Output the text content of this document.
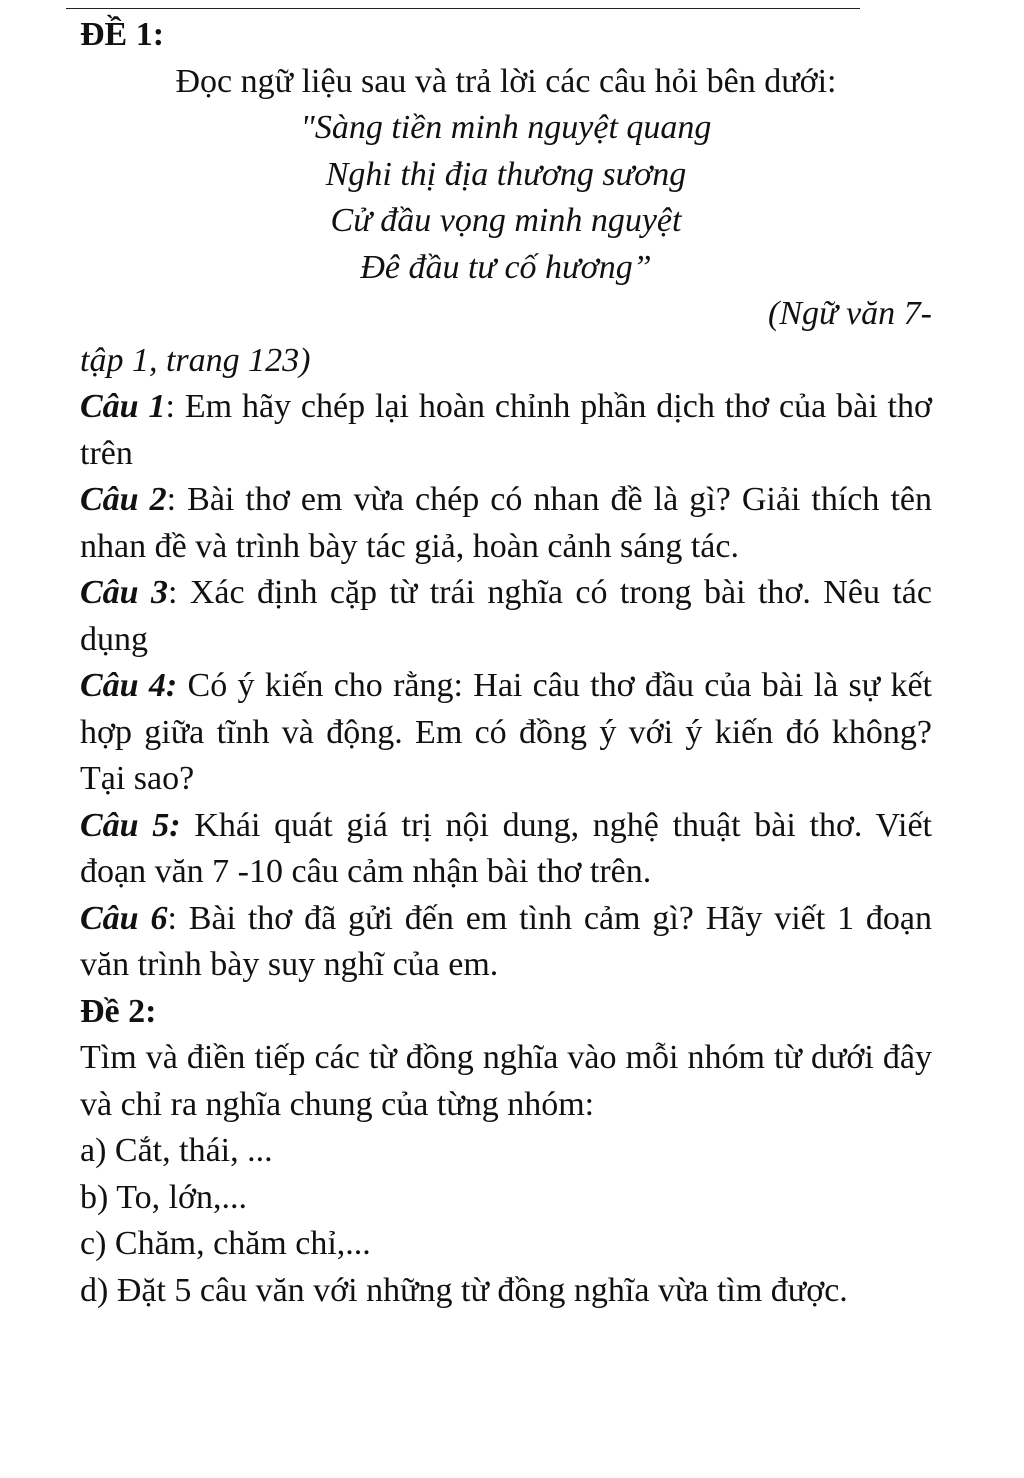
ĐỀ 1:

Đọc ngữ liệu sau và trả lời các câu hỏi bên dưới:

"Sàng tiền minh nguyệt quang

Nghi thị địa thương sương

Cử đầu vọng minh nguyệt

Đê đầu tư cố hương”

(Ngữ văn 7-

tập 1, trang 123)

Câu 1: Em hãy chép lại hoàn chỉnh phần dịch thơ của bài thơ trên

Câu 2: Bài thơ em vừa chép có nhan đề là gì? Giải thích tên nhan đề và trình bày tác giả, hoàn cảnh sáng tác.

Câu 3: Xác định cặp từ trái nghĩa có trong bài thơ. Nêu tác dụng

Câu 4: Có ý kiến cho rằng: Hai câu thơ đầu của bài là sự kết hợp giữa tĩnh và động. Em có đồng ý với ý kiến đó không? Tại sao?

Câu 5: Khái quát giá trị nội dung, nghệ thuật bài thơ. Viết đoạn văn 7 -10 câu cảm nhận bài thơ trên.

Câu 6: Bài thơ đã gửi đến em tình cảm gì? Hãy viết 1 đoạn văn trình bày suy nghĩ của em.

Đề 2:

Tìm và điền tiếp các từ đồng nghĩa vào mỗi nhóm từ dưới đây và chỉ ra nghĩa chung của từng nhóm:

a) Cắt, thái, ...

b) To, lớn,...

c) Chăm, chăm chỉ,...

d) Đặt 5 câu văn với những từ đồng nghĩa vừa tìm được.
